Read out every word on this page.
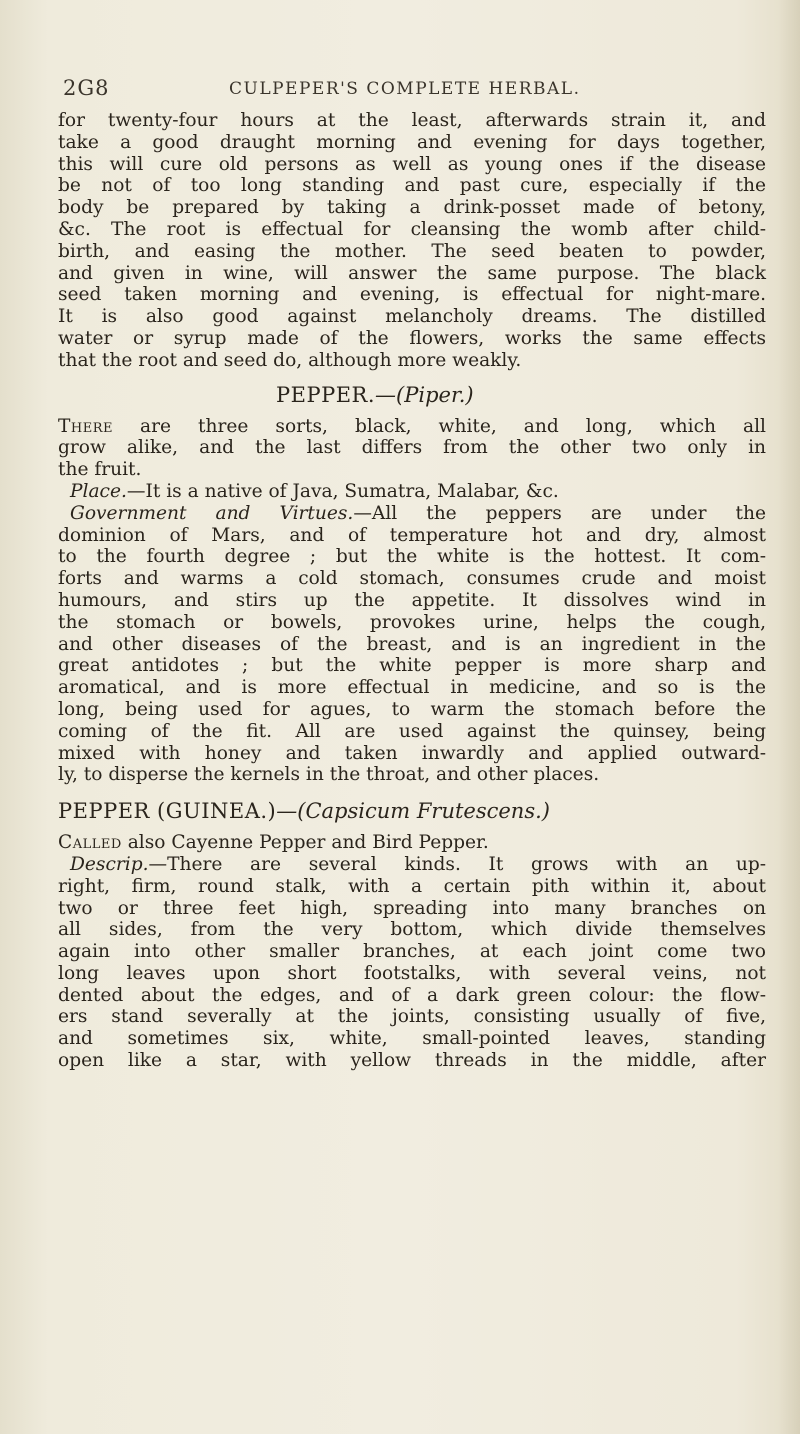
2G8	CULPEPER'S COMPLETE HERBAL.
for twenty-four hours at the least, afterwards strain it, and
take a good draught morning and evening for days together,
this will cure old persons as well as young ones if the disease
be not of too long standing and past cure, especially if the
body be prepared by taking a drink-posset made of betony,
&c. The root is effectual for cleansing the womb after child-
birth, and easing the mother. The seed beaten to powder,
and given in wine, will answer the same purpose. The black
seed taken morning and evening, is effectual for night-mare.
It is also good against melancholy dreams. The distilled
water or syrup made of the flowers, works the same effects
that the root and seed do, although more weakly.
PEPPER.—(Piper.)
There are three sorts, black, white, and long, which all
grow alike, and the last differs from the other two only in
the fruit.
Place.—It is a native of Java, Sumatra, Malabar, &c.
Government and Virtues.—All the peppers are under the
dominion of Mars, and of temperature hot and dry, almost
to the fourth degree ; but the white is the hottest. It com-
forts and warms a cold stomach, consumes crude and moist
humours, and stirs up the appetite. It dissolves wind in
the stomach or bowels, provokes urine, helps the cough,
and other diseases of the breast, and is an ingredient in the
great antidotes ; but the white pepper is more sharp and
aromatical, and is more effectual in medicine, and so is the
long, being used for agues, to warm the stomach before the
coming of the fit. All are used against the quinsey, being
mixed with honey and taken inwardly and applied outward-
ly, to disperse the kernels in the throat, and other places.
PEPPER (GUINEA.)—(Capsicum Frutescens.)
Called also Cayenne Pepper and Bird Pepper.
Descrip.—There are several kinds. It grows with an up-
right, firm, round stalk, with a certain pith within it, about
two or three feet high, spreading into many branches on
all sides, from the very bottom, which divide themselves
again into other smaller branches, at each joint come two
long leaves upon short footstalks, with several veins, not
dented about the edges, and of a dark green colour: the flow-
ers stand severally at the joints, consisting usually of five,
and sometimes six, white, small-pointed leaves, standing
open like a star, with yellow threads in the middle, after
